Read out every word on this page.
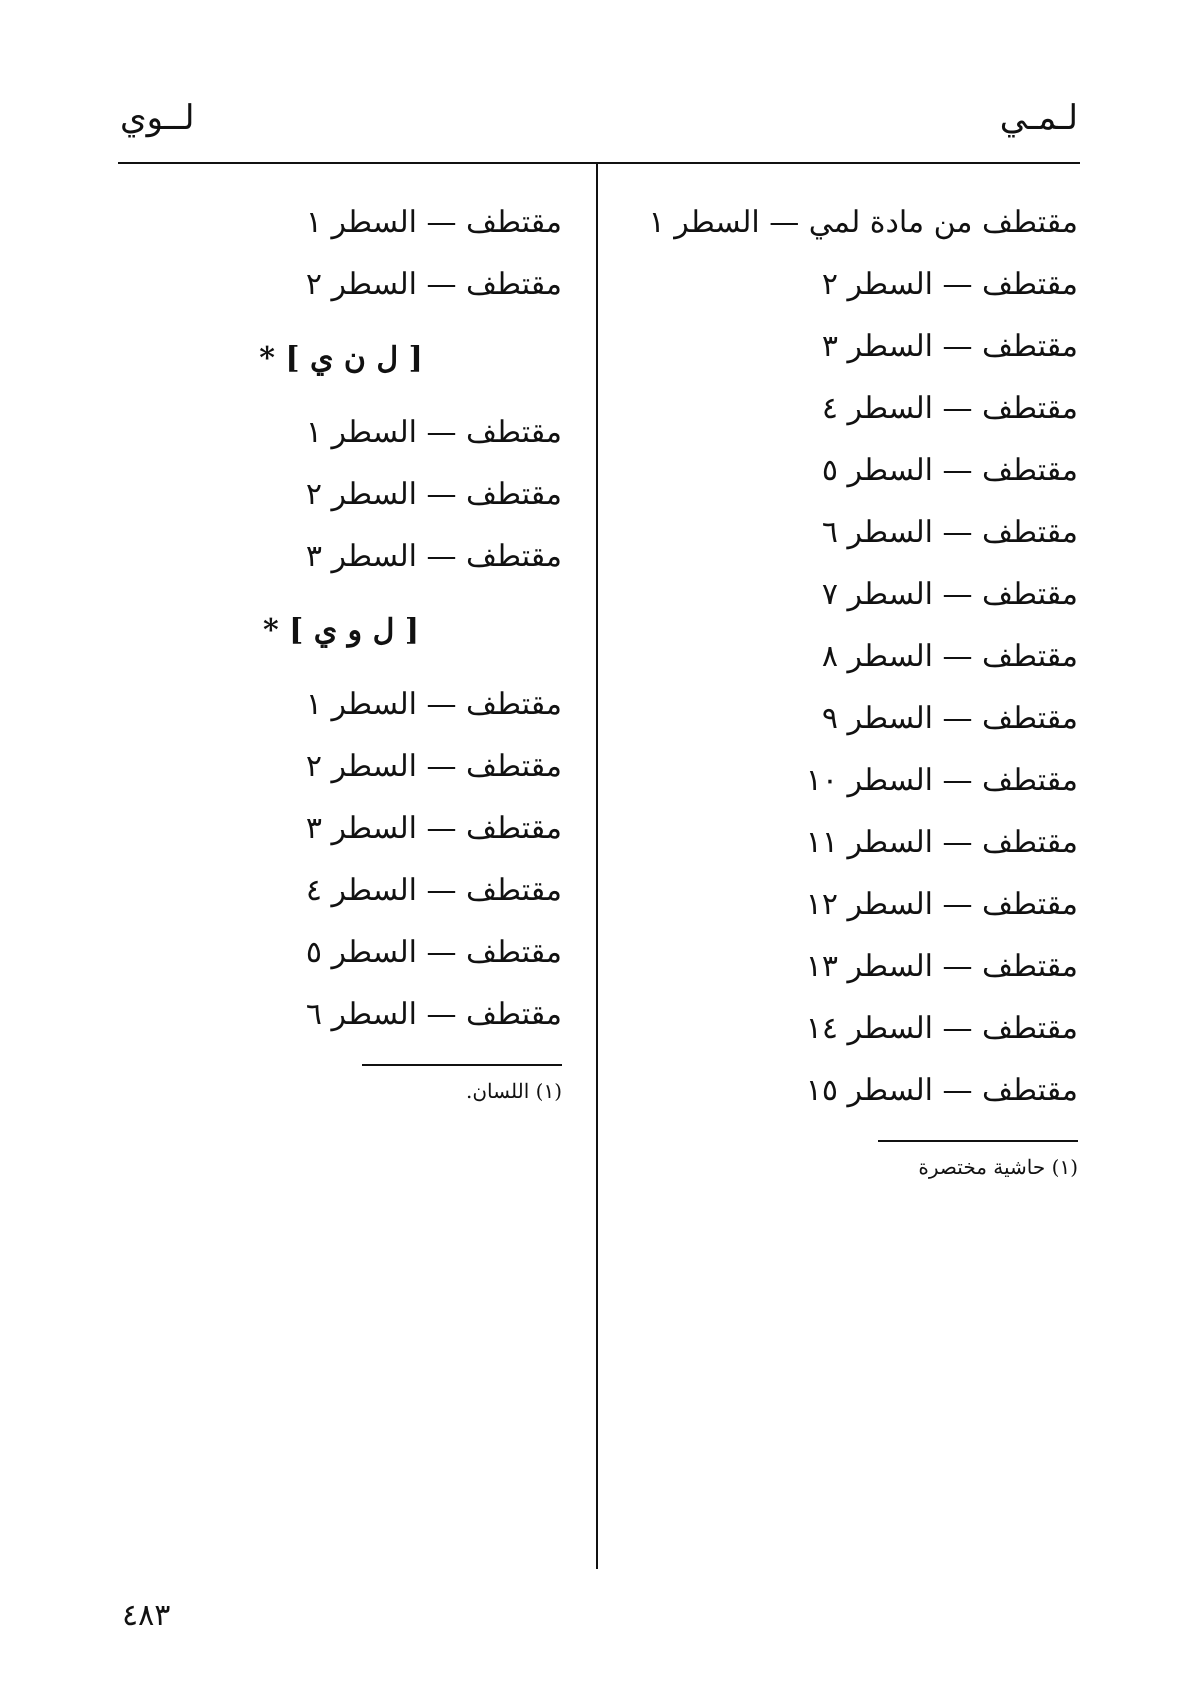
لـمـي
لــوي
مقتطف من مادة لمي — السطر ١
مقتطف — السطر ٢
مقتطف — السطر ٣
مقتطف — السطر ٤
مقتطف — السطر ٥
مقتطف — السطر ٦
مقتطف — السطر ٧
مقتطف — السطر ٨
مقتطف — السطر ٩
مقتطف — السطر ١٠
مقتطف — السطر ١١
مقتطف — السطر ١٢
مقتطف — السطر ١٣
مقتطف — السطر ١٤
مقتطف — السطر ١٥
(١) حاشية مختصرة
مقتطف — السطر ١
مقتطف — السطر ٢
[ ل ن ي ] *
مقتطف — السطر ١
مقتطف — السطر ٢
مقتطف — السطر ٣
[ ل و ي ] *
مقتطف — السطر ١
مقتطف — السطر ٢
مقتطف — السطر ٣
مقتطف — السطر ٤
مقتطف — السطر ٥
مقتطف — السطر ٦
(١) اللسان.
٤٨٣
